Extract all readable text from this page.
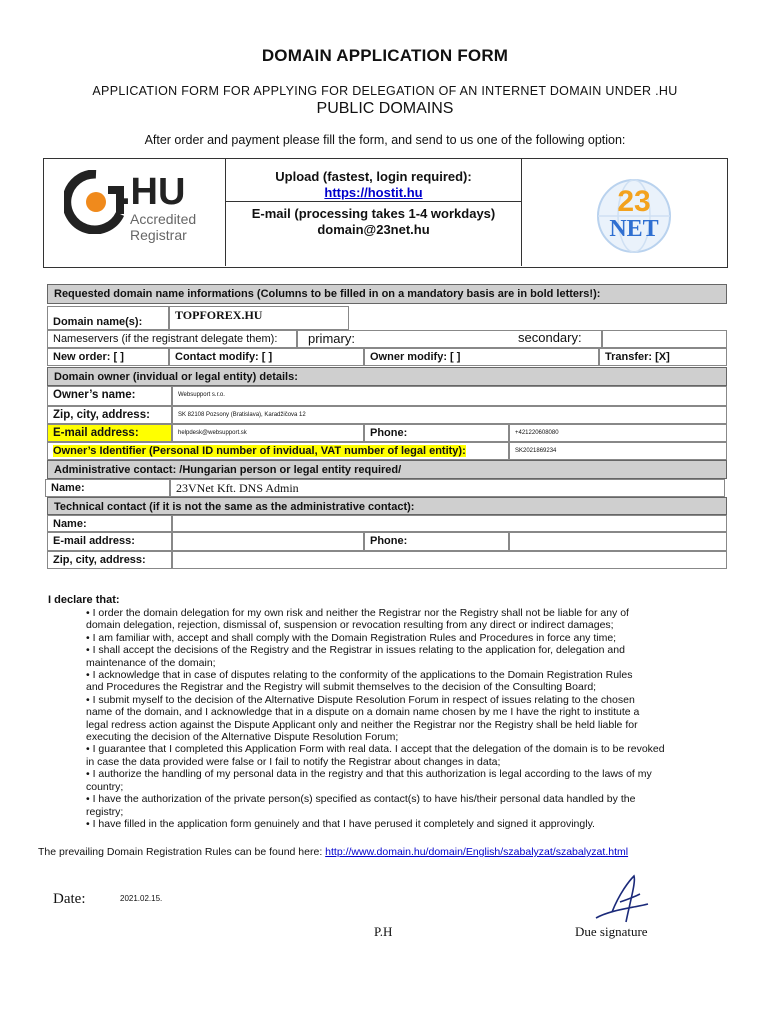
DOMAIN APPLICATION FORM
APPLICATION FORM FOR APPLYING FOR DELEGATION OF AN INTERNET DOMAIN UNDER .HU
PUBLIC DOMAINS
After order and payment please fill the form, and send to us one of the following option:
.HU
Accredited
Registrar
Upload (fastest, login required):
https://hostit.hu
E-mail (processing takes 1-4 workdays)
domain@23net.hu
23
NET
Requested domain name informations (Columns to be filled in on a mandatory basis are in bold letters!):
Domain name(s):	TOPFOREX.HU
Nameservers (if the registrant delegate them):	primary:	secondary:
New order: [ ]	Contact modify: [ ]	Owner modify: [ ]	Transfer: [X]
Domain owner (invidual or legal entity) details:
Owner’s name:	Websupport s.r.o.
Zip, city, address:	SK 82108 Pozsony (Bratislava), Karadžičova 12
E-mail address:	helpdesk@websupport.sk	Phone:	+421220608080
Owner’s Identifier (Personal ID number of invidual, VAT number of legal entity):	SK2021869234
Administrative contact: /Hungarian person or legal entity required/
Name:	23VNet Kft. DNS Admin
Technical contact (if it is not the same as the administrative contact):
Name:
E-mail address:	Phone:
Zip, city, address:
I declare that:
• I order the domain delegation for my own risk and neither the Registrar nor the Registry shall not be liable for any of
domain delegation, rejection, dismissal of, suspension or revocation resulting from any direct or indirect damages;
• I am familiar with, accept and shall comply with the Domain Registration Rules and Procedures in force any time;
• I shall accept the decisions of the Registry and the Registrar in issues relating to the application for, delegation and
maintenance of the domain;
• I acknowledge that in case of disputes relating to the conformity of the applications to the Domain Registration Rules
and Procedures the Registrar and the Registry will submit themselves to the decision of the Consulting Board;
• I submit myself to the decision of the Alternative Dispute Resolution Forum in respect of issues relating to the chosen
name of the domain, and I acknowledge that in a dispute on a domain name chosen by me I have the right to institute a
legal redress action against the Dispute Applicant only and neither the Registrar nor the Registry shall be held liable for
executing the decision of the Alternative Dispute Resolution Forum;
• I guarantee that I completed this Application Form with real data. I accept that the delegation of the domain is to be revoked
in case the data provided were false or I fail to notify the Registrar about changes in data;
• I authorize the handling of my personal data in the registry and that this authorization is legal according to the laws of my
country;
• I have the authorization of the private person(s) specified as contact(s) to have his/their personal data handled by the
registry;
• I have filled in the application form genuinely and that I have perused it completely and signed it approvingly.
The prevailing Domain Registration Rules can be found here: http://www.domain.hu/domain/English/szabalyzat/szabalyzat.html
Date:	2021.02.15.
P.H	Due signature
